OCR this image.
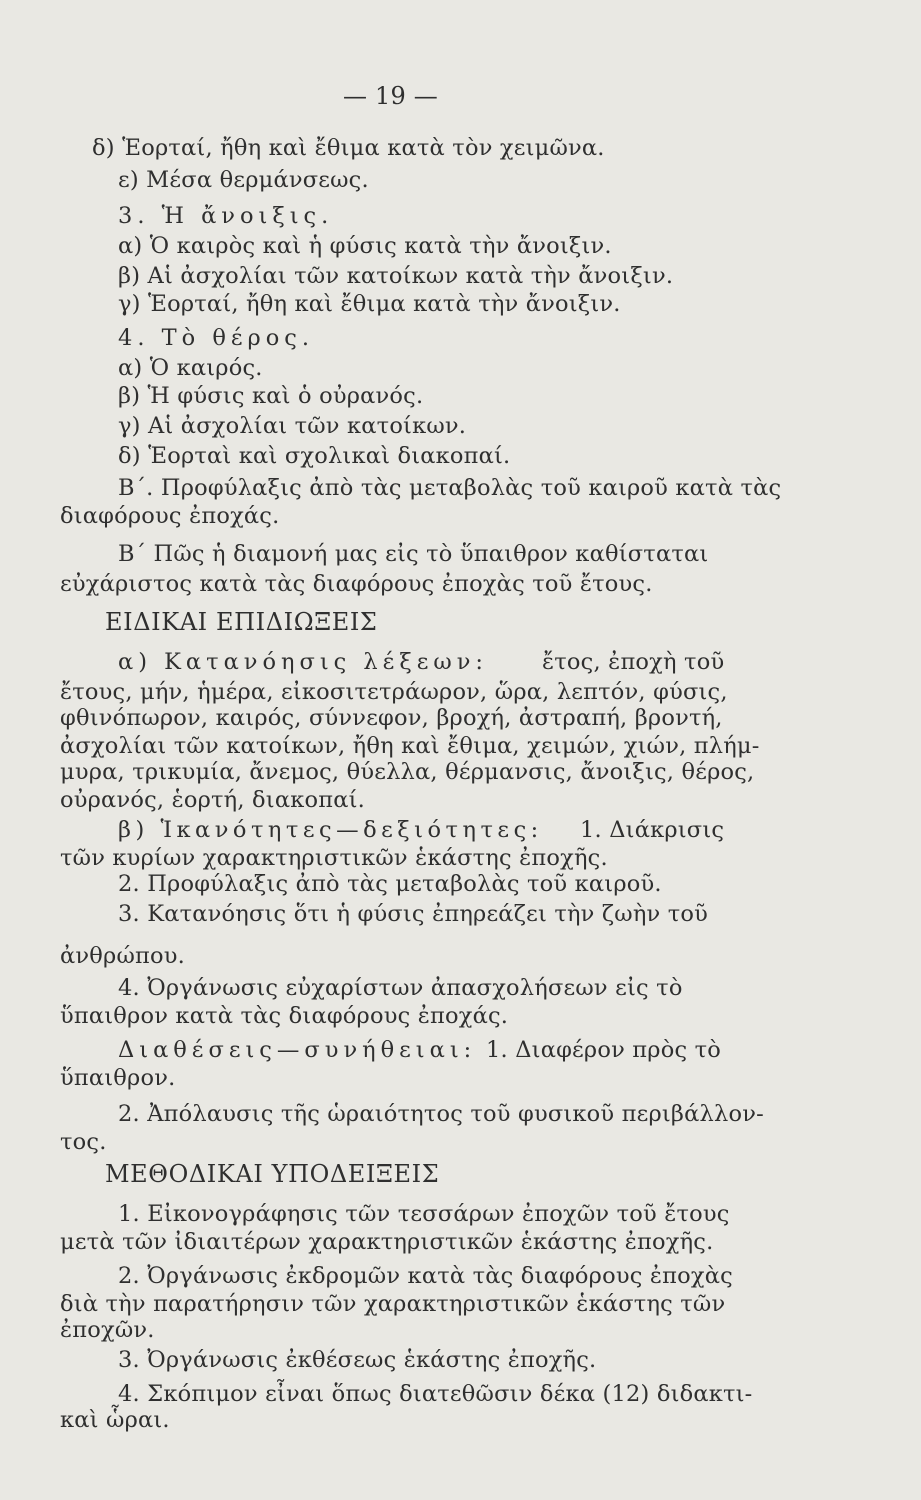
— 19 —
δ) Ἑορταί, ἤθη καὶ ἔθιμα κατὰ τὸν χειμῶνα.
ε) Μέσα θερμάνσεως.
3. Ἡ ἄνοιξις.
α) Ὁ καιρὸς καὶ ἡ φύσις κατὰ τὴν ἄνοιξιν.
β) Αἱ ἀσχολίαι τῶν κατοίκων κατὰ τὴν ἄνοιξιν.
γ) Ἑορταί, ἤθη καὶ ἔθιμα κατὰ τὴν ἄνοιξιν.
4. Τὸ θέρος.
α) Ὁ καιρός.
β) Ἡ φύσις καὶ ὁ οὐρανός.
γ) Αἱ ἀσχολίαι τῶν κατοίκων.
δ) Ἑορταὶ καὶ σχολικαὶ διακοπαί.
Β΄. Προφύλαξις ἀπὸ τὰς μεταβολὰς τοῦ καιροῦ κατὰ τὰς
διαφόρους ἐποχάς.
Β΄ Πῶς ἡ διαμονή μας εἰς τὸ ὕπαιθρον καθίσταται
εὐχάριστος κατὰ τὰς διαφόρους ἐποχὰς τοῦ ἔτους.
ΕΙΔΙΚΑΙ ΕΠΙΔΙΩΞΕΙΣ
α) Κατανόησις λέξεων: ἔτος, ἐποχὴ τοῦ
ἔτους, μήν, ἡμέρα, εἰκοσιτετράωρον, ὥρα, λεπτόν, φύσις,
φθινόπωρον, καιρός, σύννεφον, βροχή, ἀστραπή, βροντή,
ἀσχολίαι τῶν κατοίκων, ἤθη καὶ ἔθιμα, χειμών, χιών, πλήμ-
μυρα, τρικυμία, ἄνεμος, θύελλα, θέρμανσις, ἄνοιξις, θέρος,
οὐρανός, ἑορτή, διακοπαί.
β) Ἱκανότητες—δεξιότητες: 1. Διάκρισις
τῶν κυρίων χαρακτηριστικῶν ἑκάστης ἐποχῆς.
2. Προφύλαξις ἀπὸ τὰς μεταβολὰς τοῦ καιροῦ.
3. Κατανόησις ὅτι ἡ φύσις ἐπηρεάζει τὴν ζωὴν τοῦ
ἀνθρώπου.
4. Ὀργάνωσις εὐχαρίστων ἀπασχολήσεων εἰς τὸ
ὕπαιθρον κατὰ τὰς διαφόρους ἐποχάς.
Διαθέσεις—συνήθειαι: 1. Διαφέρον πρὸς τὸ
ὕπαιθρον.
2. Ἀπόλαυσις τῆς ὡραιότητος τοῦ φυσικοῦ περιβάλλον-
τος.
ΜΕΘΟΔΙΚΑΙ ΥΠΟΔΕΙΞΕΙΣ
1. Εἰκονογράφησις τῶν τεσσάρων ἐποχῶν τοῦ ἔτους
μετὰ τῶν ἰδιαιτέρων χαρακτηριστικῶν ἑκάστης ἐποχῆς.
2. Ὀργάνωσις ἐκδρομῶν κατὰ τὰς διαφόρους ἐποχὰς
διὰ τὴν παρατήρησιν τῶν χαρακτηριστικῶν ἑκάστης τῶν
ἐποχῶν.
3. Ὀργάνωσις ἐκθέσεως ἑκάστης ἐποχῆς.
4. Σκόπιμον εἶναι ὅπως διατεθῶσιν δέκα (12) διδακτι-
καὶ ὧραι.
